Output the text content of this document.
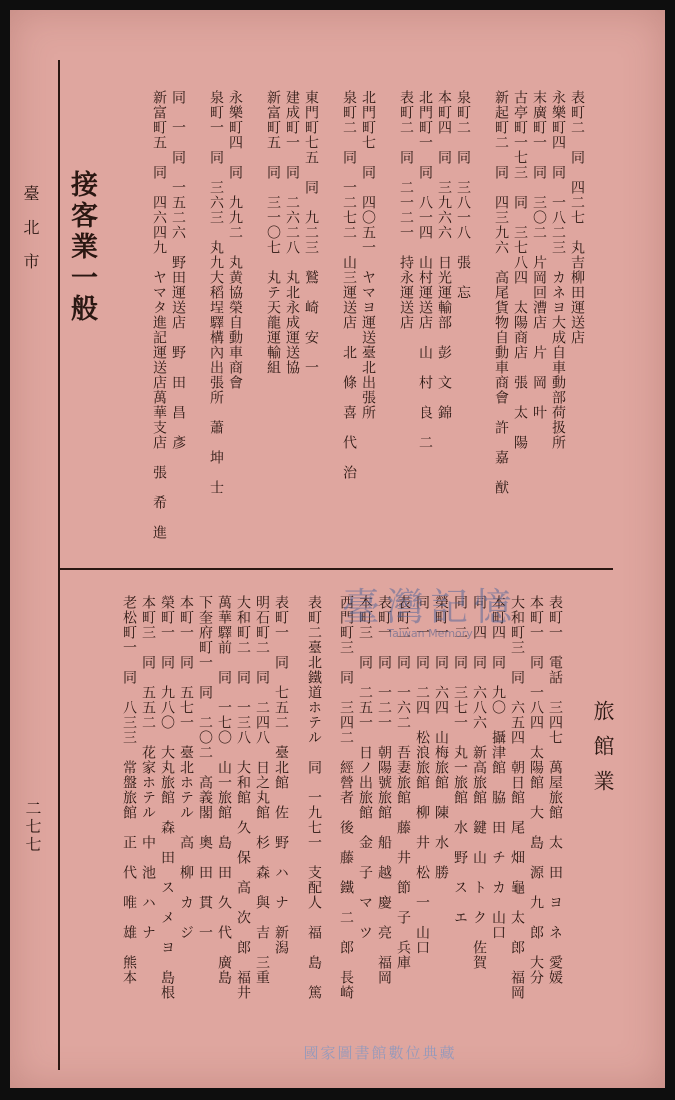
臺北市
二七七
接客業一般	表町二　同　四二七　丸吉柳田運送店
永樂町四　同　一八二三　カネヨ大成自車動部荷扱所
末廣町一　同　三〇二　片岡回漕店　片　岡　叶
古亭町一七三　同　三七八四　太陽商店　張　太　陽
新起町二　同　四三九六　高尾貨物自動車商會　許　嘉　猷
泉町二　同　三八一八　張　忘
本町四　同　三九六六　日光運輸部　彭　文　錦
北門町一　同　八一四　山村運送店　山　村　良　二
表町二　同　二一二一　持永運送店
北門町七　同　四〇五一　ヤマヨ運送臺北出張所
泉町二　同　一二七二　山三運送店　北　條　喜　代　治
東門町七五　同　九二三　鷲　崎　安　一
建成町一　同　二六二八　丸北永成運送協
新富町五　同　三一〇七　丸テ天龍運輸組
永樂町四　同　九九二　丸黄協榮自動車商會
泉町一　同　三六三　丸九大稻埕驛構內出張所　蕭　坤　士
同　一　同　一五二六　野田運送店　野　田　昌　彥
新富町五　同　四六四九　ヤマタ進記運送店萬華支店　張　希　進
旅館業
表町一　電話　三四七　萬屋旅館　太　田　ヨ　ネ　愛媛
本町一　同　一八四　太陽館　大　島　源　九　郎　大分
大和町三　同　六五四　朝日館　尾　畑　龜　太　郎　福岡
本町四　同　九〇　攝津館　脇　田　チ　カ　山口
同　四　同　六八六　新高旅館　鍵　山　ト　ク　佐賀
同　二　同　三七一　丸一旅館　水　野　ス　エ
榮町一　同　六四　山梅旅館　陳　水　勝
同　一　同　二四　松浪旅館　柳　井　松　一　山口
表町二　同　一六二　吾妻旅館　藤　井　節　子　兵庫
表町一　同　一二一　朝陽號旅館　船　越　慶　亮　福岡
本町三　同　二五一　日ノ出旅館　金　子　マ　ツ
西門町三　同　三四二　經營者　後　藤　鐵　二　郎　長崎
表町二臺北鐵道ホテル　同　一九七一　支配人　福　島　篤
表町一　同　七五二　臺北館　佐　野　ハ　ナ　新潟
明石町二　同　二四八　日之丸館　杉　森　與　吉　三重
大和町二　同　一三八　大和館　久　保　高　次　郎　福井
萬華驛前　同　一七〇　山一旅館　島　田　久　代　廣島
下奎府町一　同　二〇二　高義閣　奧　田　貫　一
本町一　同　五七一　臺北ホテル　高　柳　カ　ジ
榮町一　同　九八〇　大丸旅館　森　田　ス　メ　ヨ　島根
本町三　同　五五二　花家ホテル　中　池　ハ　ナ
老松町一　同　八三三　常盤旅館　正　代　唯　雄　熊本	臺灣記憶
Taiwan Memory
國家圖書館數位典藏
